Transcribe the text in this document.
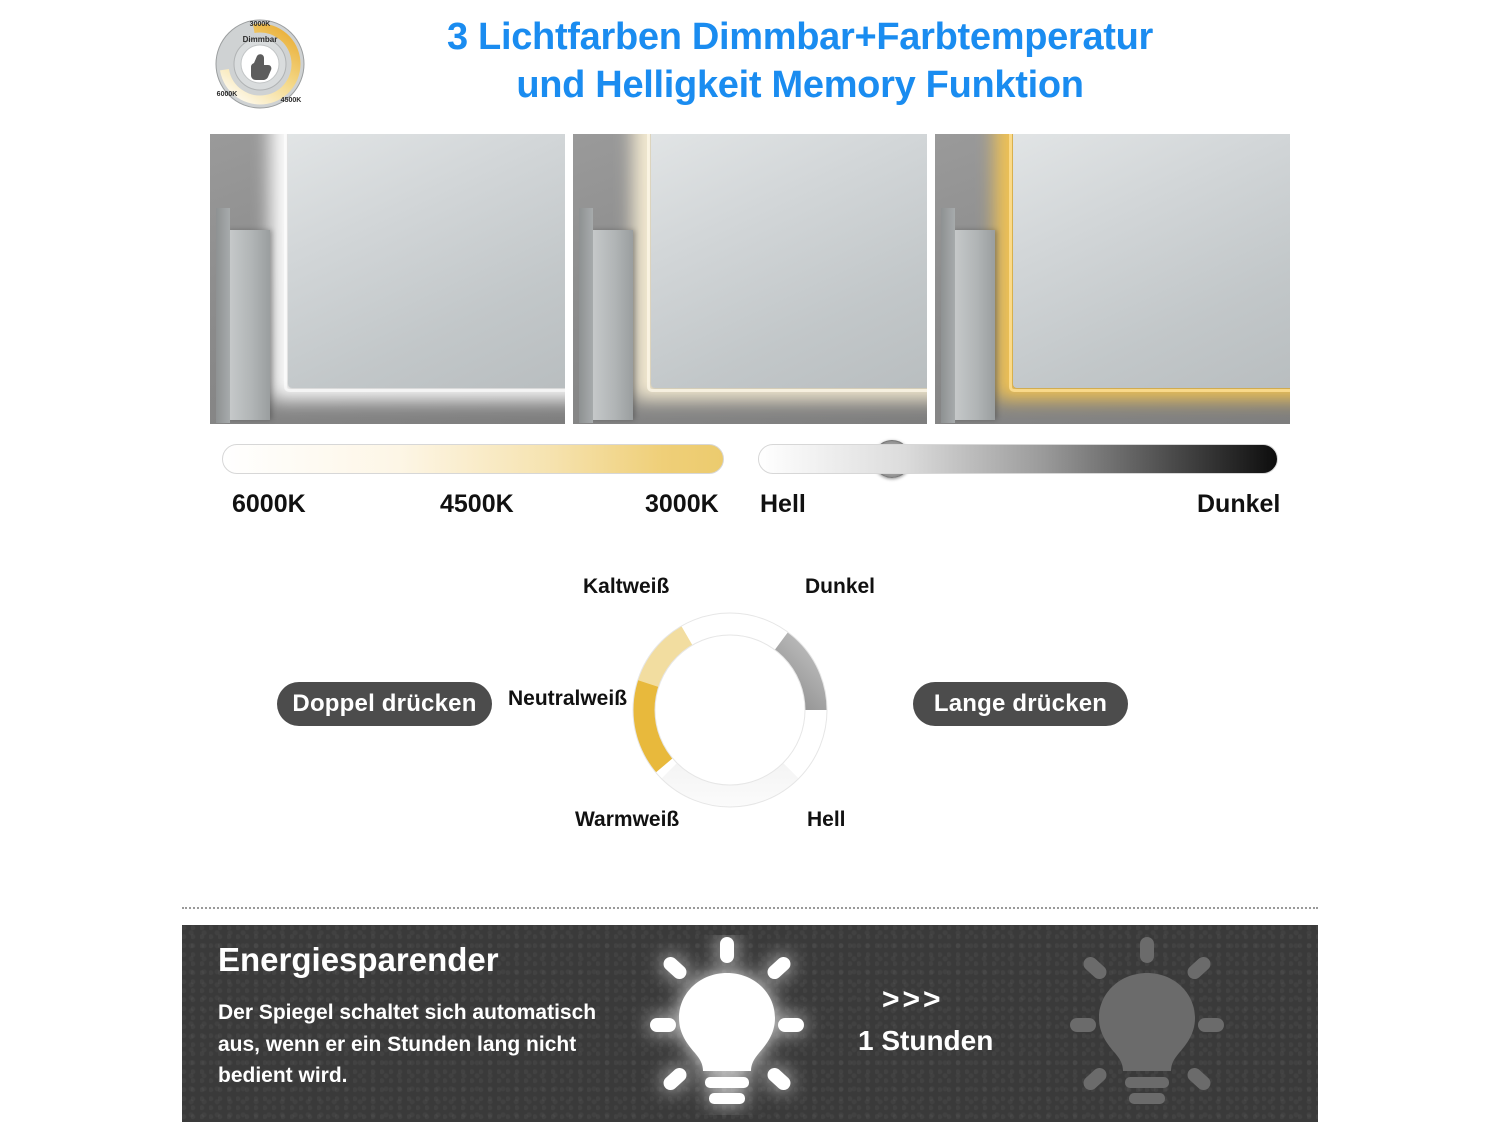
3000K
Dimmbar
6000K
4500K
3 Lichtfarben Dimmbar+Farbtemperatur
und Helligkeit Memory Funktion
6000K	4500K	3000K Hell	Dunkel
Kaltweiß	Dunkel
Neutralweiß
Warmweiß	Hell
Doppel drücken	Lange drücken
Energiesparender

Der Spiegel schaltet sich automatisch aus, wenn er ein Stunden lang nicht bedient wird.

>>>
1 Stunden
